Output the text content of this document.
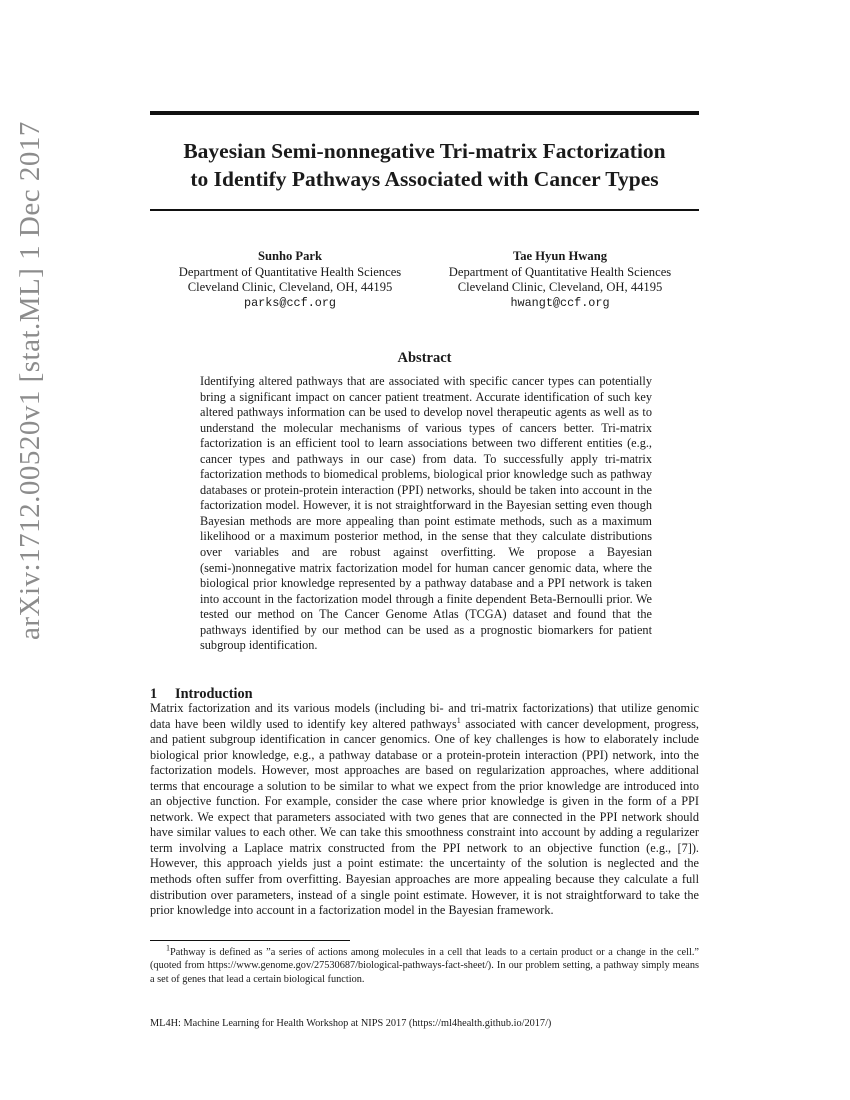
arXiv:1712.00520v1 [stat.ML] 1 Dec 2017	Bayesian Semi-nonnegative Tri-matrix Factorization
to Identify Pathways Associated with Cancer Types
Sunho Park
Department of Quantitative Health Sciences
Cleveland Clinic, Cleveland, OH, 44195
parks@ccf.org
Tae Hyun Hwang
Department of Quantitative Health Sciences
Cleveland Clinic, Cleveland, OH, 44195
hwangt@ccf.org
Abstract

Identifying altered pathways that are associated with specific cancer types can potentially bring a significant impact on cancer patient treatment. Accurate identification of such key altered pathways information can be used to develop novel therapeutic agents as well as to understand the molecular mechanisms of various types of cancers better. Tri-matrix factorization is an efficient tool to learn associations between two different entities (e.g., cancer types and pathways in our case) from data. To successfully apply tri-matrix factorization methods to biomedical problems, biological prior knowledge such as pathway databases or protein-protein interaction (PPI) networks, should be taken into account in the factorization model. However, it is not straightforward in the Bayesian setting even though Bayesian methods are more appealing than point estimate methods, such as a maximum likelihood or a maximum posterior method, in the sense that they calculate distributions over variables and are robust against overfitting. We propose a Bayesian (semi-)nonnegative matrix factorization model for human cancer genomic data, where the biological prior knowledge represented by a pathway database and a PPI network is taken into account in the factorization model through a finite dependent Beta-Bernoulli prior. We tested our method on The Cancer Genome Atlas (TCGA) dataset and found that the pathways identified by our method can be used as a prognostic biomarkers for patient subgroup identification.

1 Introduction

Matrix factorization and its various models (including bi- and tri-matrix factorizations) that utilize genomic data have been wildly used to identify key altered pathways$^1$ associated with cancer development, progress, and patient subgroup identification in cancer genomics. One of key challenges is how to elaborately include biological prior knowledge, e.g., a pathway database or a protein-protein interaction (PPI) network, into the factorization models. However, most approaches are based on regularization approaches, where additional terms that encourage a solution to be similar to what we expect from the prior knowledge are introduced into an objective function. For example, consider the case where prior knowledge is given in the form of a PPI network. We expect that parameters associated with two genes that are connected in the PPI network should have similar values to each other. We can take this smoothness constraint into account by adding a regularizer term involving a Laplace matrix constructed from the PPI network to an objective function (e.g., [7]). However, this approach yields just a point estimate: the uncertainty of the solution is neglected and the methods often suffer from overfitting. Bayesian approaches are more appealing because they calculate a full distribution over parameters, instead of a single point estimate. However, it is not straightforward to take the prior knowledge into account in a factorization model in the Bayesian framework.

$^1$Pathway is defined as ”a series of actions among molecules in a cell that leads to a certain product or a change in the cell.” (quoted from https://www.genome.gov/27530687/biological-pathways-fact-sheet/). In our problem setting, a pathway simply means a set of genes that lead a certain biological function.

ML4H: Machine Learning for Health Workshop at NIPS 2017 (https://ml4health.github.io/2017/)
